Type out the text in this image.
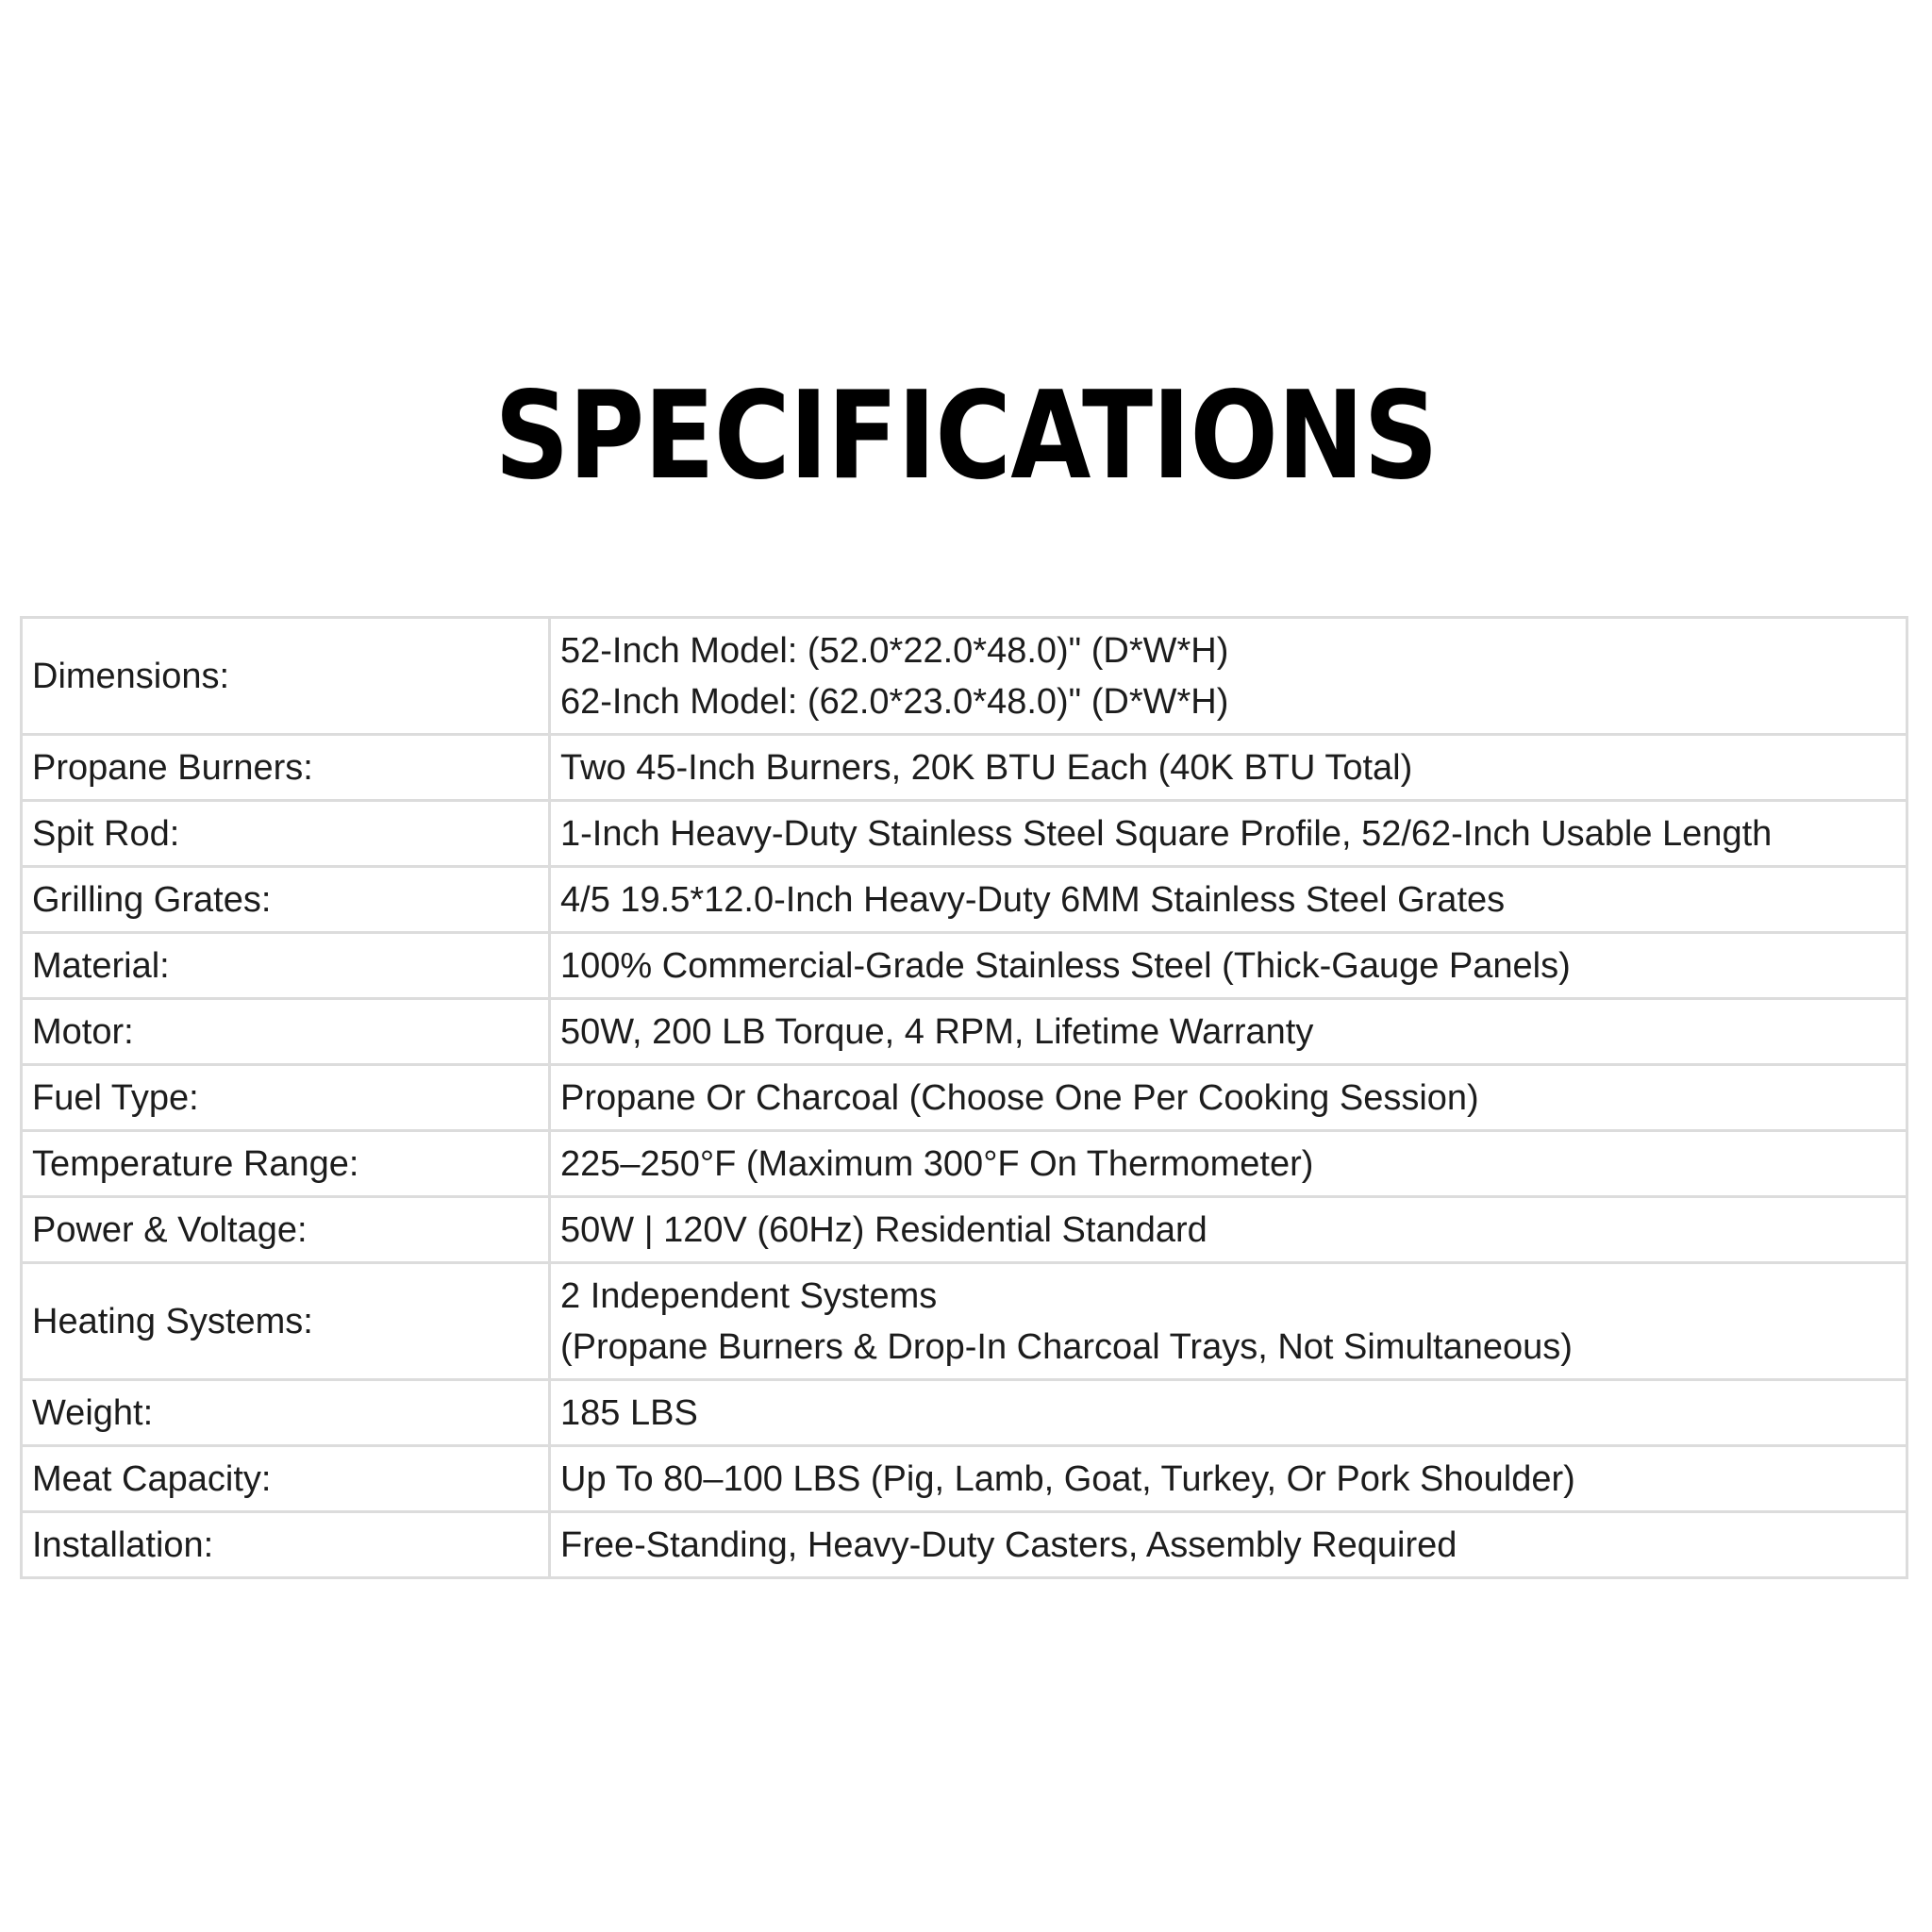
SPECIFICATIONS
Dimensions:	52-Inch Model: (52.0*22.0*48.0)" (D*W*H)
62-Inch Model: (62.0*23.0*48.0)" (D*W*H)

Propane Burners:	Two 45-Inch Burners, 20K BTU Each (40K BTU Total)
Spit Rod:	1-Inch Heavy-Duty Stainless Steel Square Profile, 52/62-Inch Usable Length
Grilling Grates:	4/5 19.5*12.0-Inch Heavy-Duty 6MM Stainless Steel Grates
Material:	100% Commercial-Grade Stainless Steel (Thick-Gauge Panels)
Motor:	50W, 200 LB Torque, 4 RPM, Lifetime Warranty
Fuel Type:	Propane Or Charcoal (Choose One Per Cooking Session)
Temperature Range:	225–250°F (Maximum 300°F On Thermometer)
Power & Voltage:	50W | 120V (60Hz) Residential Standard
Heating Systems:	2 Independent Systems
(Propane Burners & Drop-In Charcoal Trays, Not Simultaneous)

Weight:	185 LBS
Meat Capacity:	Up To 80–100 LBS (Pig, Lamb, Goat, Turkey, Or Pork Shoulder)
Installation:	Free-Standing, Heavy-Duty Casters, Assembly Required
